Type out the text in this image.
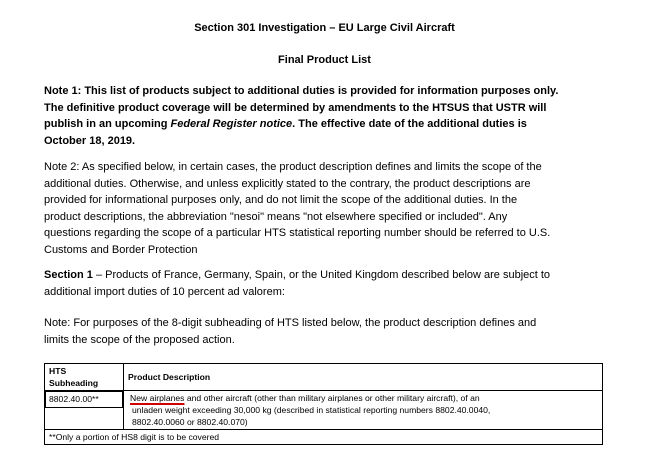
Section 301 Investigation – EU Large Civil Aircraft
Final Product List
Note 1: This list of products subject to additional duties is provided for information purposes only.
The definitive product coverage will be determined by amendments to the HTSUS that USTR will
publish in an upcoming Federal Register notice. The effective date of the additional duties is
October 18, 2019.
Note 2: As specified below, in certain cases, the product description defines and limits the scope of the
additional duties. Otherwise, and unless explicitly stated to the contrary, the product descriptions are
provided for informational purposes only, and do not limit the scope of the additional duties. In the
product descriptions, the abbreviation "nesoi" means "not elsewhere specified or included". Any
questions regarding the scope of a particular HTS statistical reporting number should be referred to U.S.
Customs and Border Protection
Section 1 – Products of France, Germany, Spain, or the United Kingdom described below are subject to
additional import duties of 10 percent ad valorem:
Note: For purposes of the 8-digit subheading of HTS listed below, the product description defines and
limits the scope of the proposed action.
HTS
Subheading	Product Description

8802.40.00**	New airplanes and other aircraft (other than military airplanes or other military aircraft), of an
unladen weight exceeding 30,000 kg (described in statistical reporting numbers 8802.40.0040,
8802.40.0060 or 8802.40.070)

**Only a portion of HS8 digit is to be covered	
